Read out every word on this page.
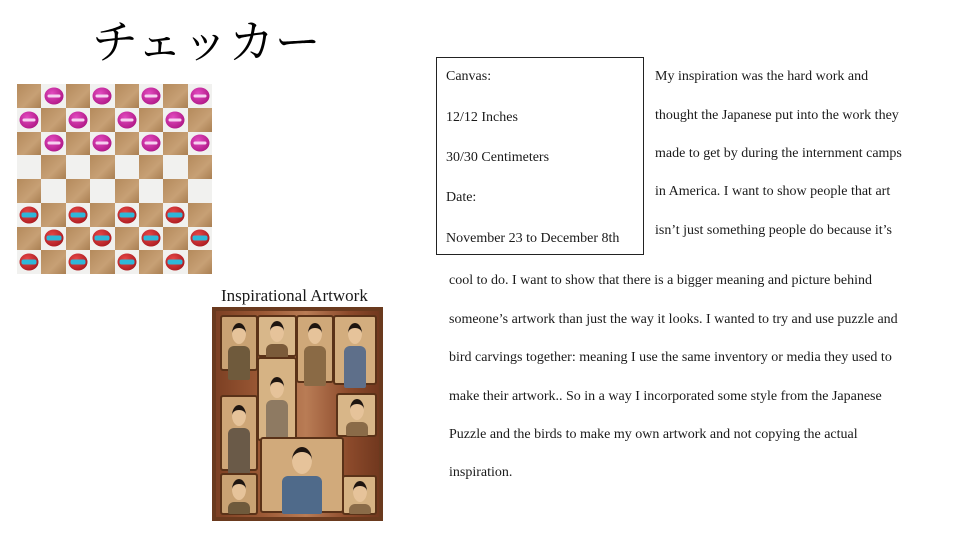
チェッカー
Inspirational Artwork
Canvas:
12/12 Inches
30/30 Centimeters
Date:
November 23 to December 8th
My inspiration was the hard work and
thought the Japanese put into the work they
made to get by during the internment camps
in America. I want to show people that art
isn’t just something people do because it’s
cool to do. I want to show that there is a bigger meaning and picture behind
someone’s artwork than just the way it looks. I wanted to try and use puzzle and
bird carvings together: meaning I use the same inventory or media they used to
make their artwork.. So in a way I incorporated some style from the Japanese
Puzzle and the birds to make my own artwork and not copying the actual
inspiration.
